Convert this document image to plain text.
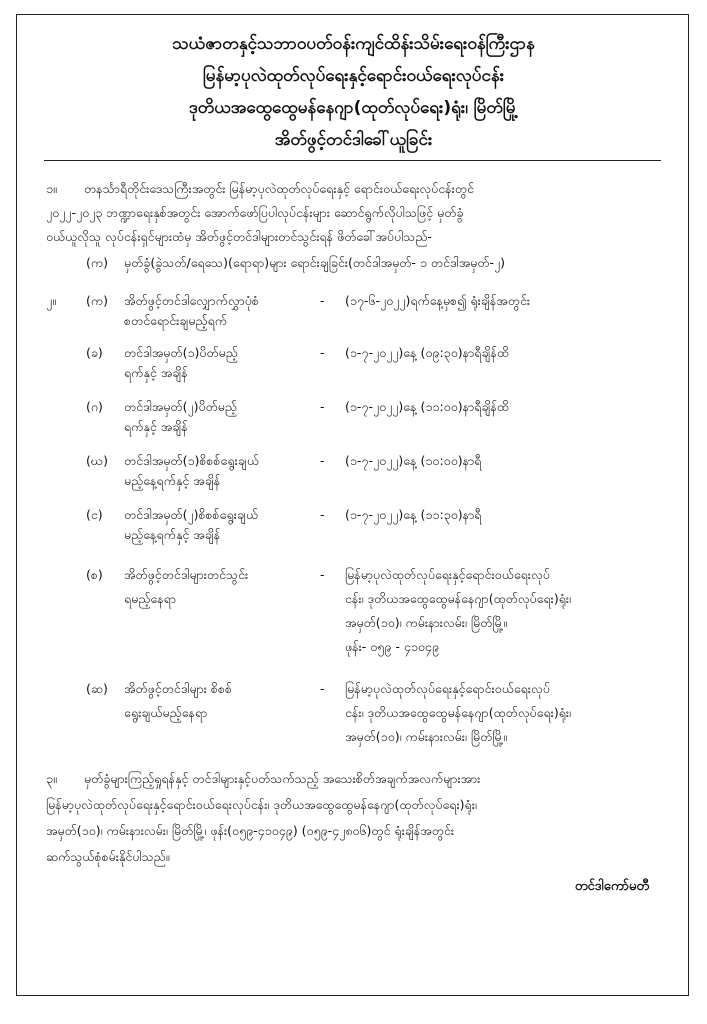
သယံဇာတနှင့်သဘာဝပတ်ဝန်းကျင်ထိန်းသိမ်းရေးဝန်ကြီးဌာန
မြန်မာ့ပုလဲထုတ်လုပ်ရေးနှင့်ရောင်းဝယ်ရေးလုပ်ငန်း
ဒုတိယအထွေထွေမန်နေဂျာ(ထုတ်လုပ်ရေး)ရုံး၊ မြိတ်မြို့
အိတ်ဖွင့်တင်ဒါခေါ်ယူခြင်း
၁။ တနင်္သာရီတိုင်းဒေသကြီးအတွင်း မြန်မာ့ပုလဲထုတ်လုပ်ရေးနှင့် ရောင်းဝယ်ရေးလုပ်ငန်းတွင်
၂၀၂၂-၂၀၂၃ ဘဏ္ဍာရေးနှစ်အတွင်း အောက်ဖော်ပြပါလုပ်ငန်းများ ဆောင်ရွက်လိုပါသဖြင့် မှတ်ခွံ
ဝယ်ယူလိုသူ လုပ်ငန်းရှင်များထံမှ အိတ်ဖွင့်တင်ဒါများတင်သွင်းရန် ဖိတ်ခေါ်အပ်ပါသည်-
(က) မှတ်ခွံ(ခွဲသတ်/ရေသေ)(ရောရာ)များ ရောင်းချခြင်း(တင်ဒါအမှတ်- ၁ တင်ဒါအမှတ်-၂)
၂။ (က) အိတ်ဖွင့်တင်ဒါလျှောက်လွှာပုံစံ
စတင်ရောင်းချမည့်ရက်
- (၁၇-၆-၂၀၂၂)ရက်နေ့မှစ၍ ရုံးချိန်အတွင်း
(ခ) တင်ဒါအမှတ်(၁)ပိတ်မည့်
ရက်နှင့် အချိန်
- (၁-၇-၂၀၂၂)နေ့ (၀၉:၃၀)နာရီချိန်ထိ
(ဂ) တင်ဒါအမှတ်(၂)ပိတ်မည့်
ရက်နှင့် အချိန်
- (၁-၇-၂၀၂၂)နေ့ (၁၁:၀၀)နာရီချိန်ထိ
(ဃ) တင်ဒါအမှတ်(၁)စိစစ်ရွေးချယ်
မည့်နေ့ရက်နှင့် အချိန်
- (၁-၇-၂၀၂၂)နေ့ (၁၀:၀၀)နာရီ
(င) တင်ဒါအမှတ်(၂)စိစစ်ရွေးချယ်
မည့်နေ့ရက်နှင့် အချိန်
- (၁-၇-၂၀၂၂)နေ့ (၁၁:၃၀)နာရီ
(စ) အိတ်ဖွင့်တင်ဒါများတင်သွင်း
ရမည့်နေရာ
- မြန်မာ့ပုလဲထုတ်လုပ်ရေးနှင့်ရောင်းဝယ်ရေးလုပ်
ငန်း၊ ဒုတိယအထွေထွေမန်နေဂျာ(ထုတ်လုပ်ရေး)ရုံး၊
အမှတ်(၁၀)၊ ကမ်းနားလမ်း၊ မြိတ်မြို့။
ဖုန်း- ၀၅၉ - ၄၁၀၄၉
(ဆ) အိတ်ဖွင့်တင်ဒါများ စိစစ်
ရွေးချယ်မည့်နေရာ
- မြန်မာ့ပုလဲထုတ်လုပ်ရေးနှင့်ရောင်းဝယ်ရေးလုပ်
ငန်း၊ ဒုတိယအထွေထွေမန်နေဂျာ(ထုတ်လုပ်ရေး)ရုံး၊
အမှတ်(၁၀)၊ ကမ်းနားလမ်း၊ မြိတ်မြို့။
၃။ မှတ်ခွံများကြည့်ရှုရန်နှင့် တင်ဒါများနှင့်ပတ်သက်သည့် အသေးစိတ်အချက်အလက်များအား
မြန်မာ့ပုလဲထုတ်လုပ်ရေးနှင့်ရောင်းဝယ်ရေးလုပ်ငန်း၊ ဒုတိယအထွေထွေမန်နေဂျာ(ထုတ်လုပ်ရေး)ရုံး၊
အမှတ်(၁၀)၊ ကမ်းနားလမ်း၊ မြိတ်မြို့၊ ဖုန်း(၀၅၉-၄၁၀၄၉) (၀၅၉-၄၂၈၀၆)တွင် ရုံးချိန်အတွင်း
ဆက်သွယ်စုံစမ်းနိုင်ပါသည်။
တင်ဒါကော်မတီ
